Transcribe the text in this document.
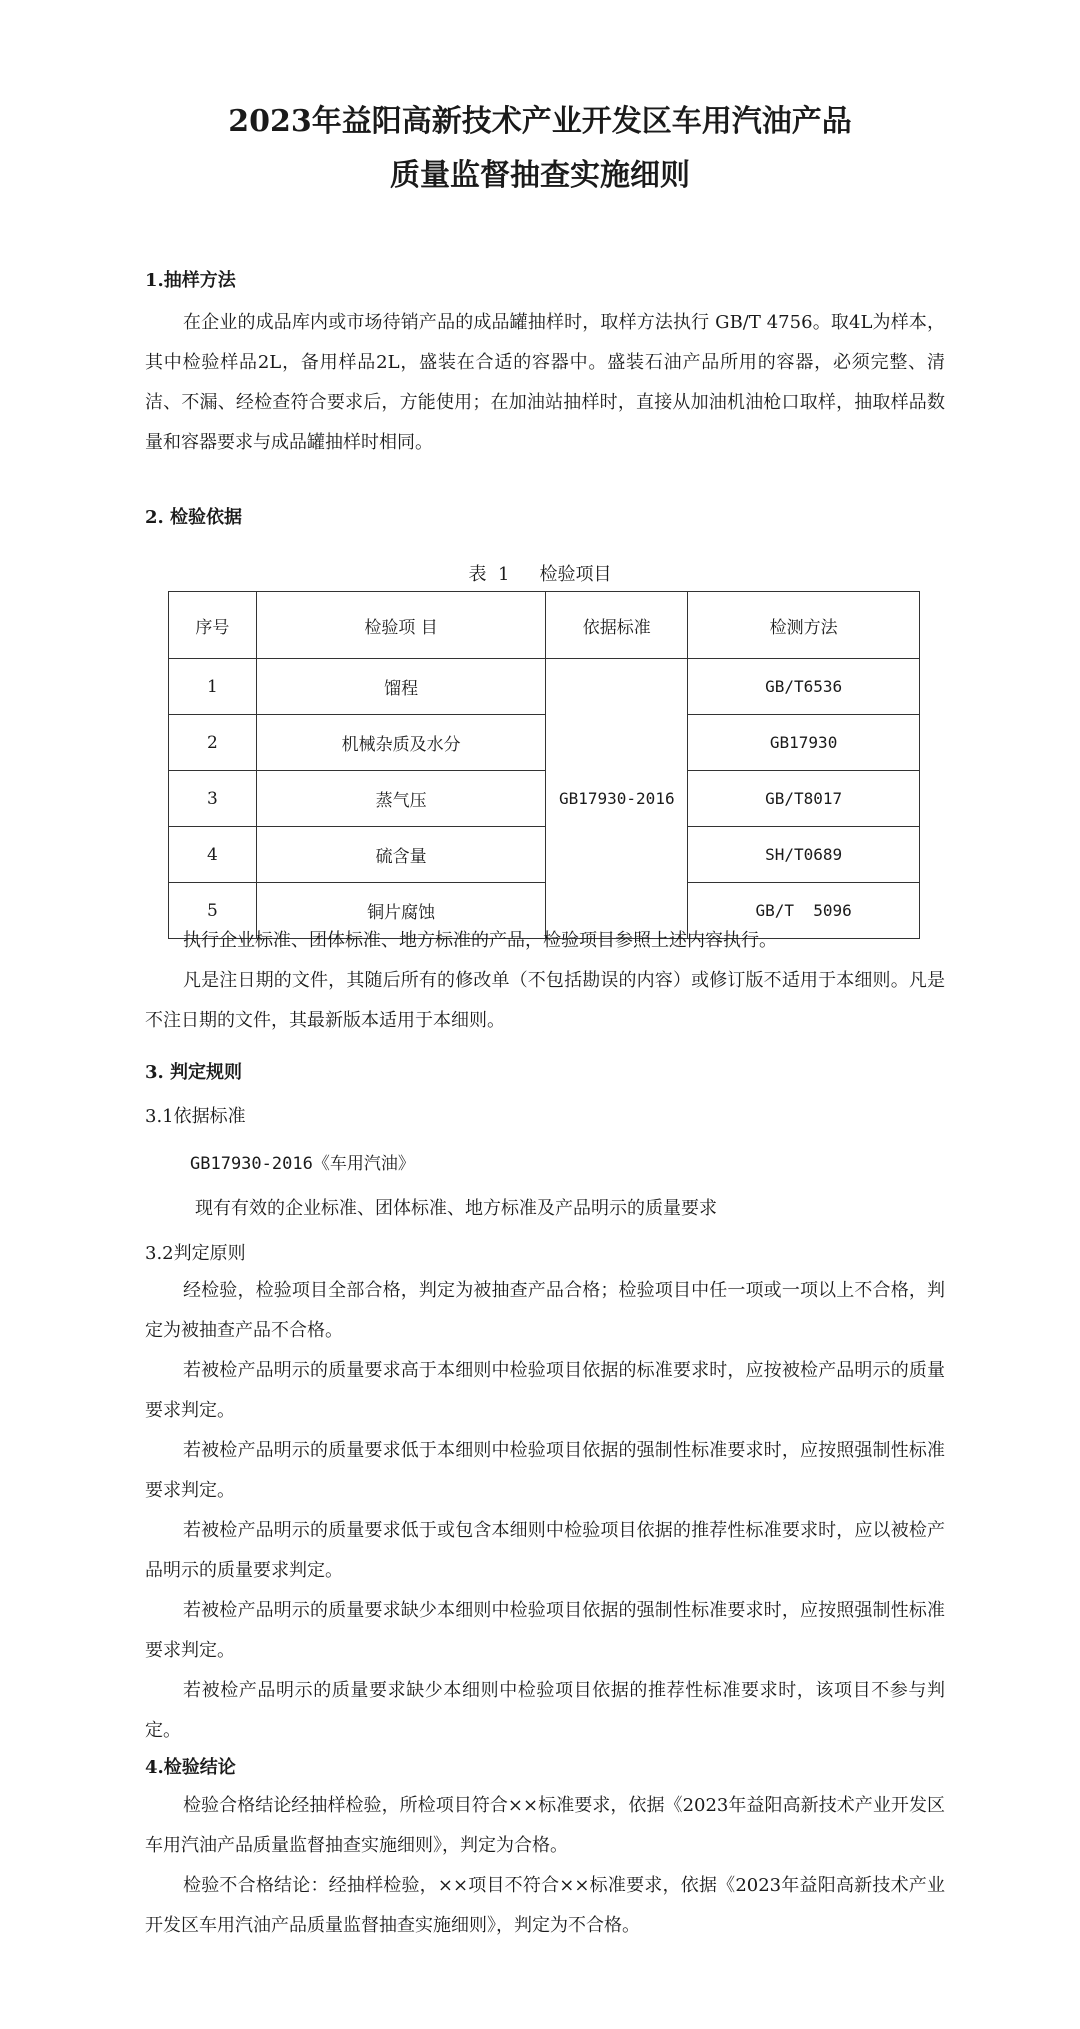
2023年益阳高新技术产业开发区车用汽油产品
质量监督抽查实施细则
1.抽样方法

在企业的成品库内或市场待销产品的成品罐抽样时，取样方法执行 GB/T 4756。取4L为样本，其中检验样品2L，备用样品2L，盛装在合适的容器中。盛装石油产品所用的容器，必须完整、清洁、不漏、经检查符合要求后，方能使用；在加油站抽样时，直接从加油机油枪口取样，抽取样品数量和容器要求与成品罐抽样时相同。

2. 检验依据
表  1 检验项目
序号	检验项 目	依据标准	检测方法
1	馏程	GB17930-2016	GB/T6536
2	机械杂质及水分		GB17930
3	蒸气压		GB/T8017
4	硫含量		SH/T0689
5	铜片腐蚀		GB/T  5096

执行企业标准、团体标准、地方标准的产品，检验项目参照上述内容执行。

凡是注日期的文件，其随后所有的修改单（不包括勘误的内容）或修订版不适用于本细则。凡是不注日期的文件，其最新版本适用于本细则。

3. 判定规则
3.1依据标准
GB17930-2016《车用汽油》
现有有效的企业标准、团体标准、地方标准及产品明示的质量要求
3.2判定原则

经检验，检验项目全部合格，判定为被抽查产品合格；检验项目中任一项或一项以上不合格，判定为被抽查产品不合格。

若被检产品明示的质量要求高于本细则中检验项目依据的标准要求时，应按被检产品明示的质量要求判定。

若被检产品明示的质量要求低于本细则中检验项目依据的强制性标准要求时，应按照强制性标准要求判定。

若被检产品明示的质量要求低于或包含本细则中检验项目依据的推荐性标准要求时，应以被检产品明示的质量要求判定。

若被检产品明示的质量要求缺少本细则中检验项目依据的强制性标准要求时，应按照强制性标准要求判定。

若被检产品明示的质量要求缺少本细则中检验项目依据的推荐性标准要求时，该项目不参与判定。

4.检验结论

检验合格结论经抽样检验，所检项目符合××标准要求，依据《2023年益阳高新技术产业开发区车用汽油产品质量监督抽查实施细则》，判定为合格。

检验不合格结论：经抽样检验，××项目不符合××标准要求，依据《2023年益阳高新技术产业开发区车用汽油产品质量监督抽查实施细则》，判定为不合格。
